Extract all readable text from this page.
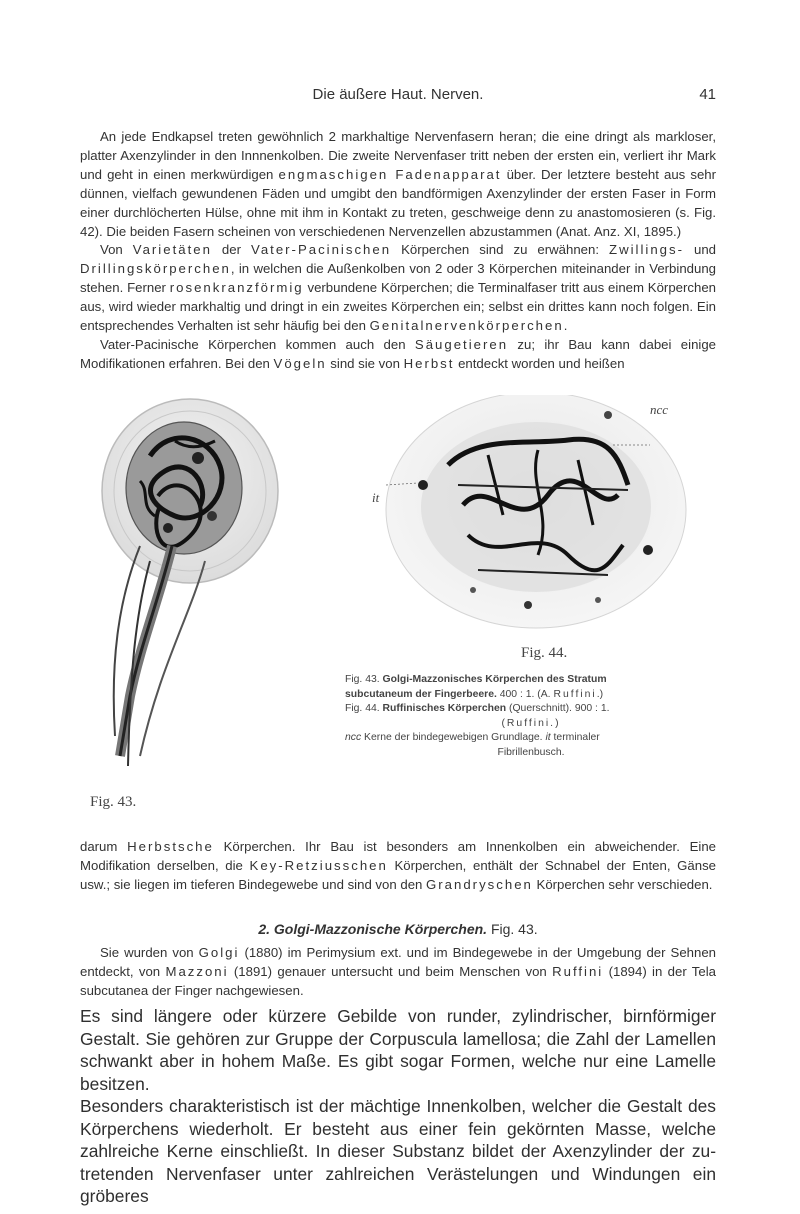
Die äußere Haut. Nerven.	41

An jede Endkapsel treten gewöhnlich 2 markhaltige Nervenfasern heran; die eine dringt als markloser, platter Axenzylinder in den Innnenkolben. Die zweite Nervenfaser tritt neben der ersten ein, verliert ihr Mark und geht in einen merkwürdigen engmaschigen Fadenapparat über. Der letztere besteht aus sehr dünnen, vielfach gewundenen Fäden und umgibt den bandförmigen Axenzylinder der ersten Faser in Form einer durchlöcherten Hülse, ohne mit ihm in Kontakt zu treten, geschweige denn zu anastomosieren (s. Fig. 42). Die beiden Fasern scheinen von verschiedenen Nervenzellen abzustammen (Anat. Anz. XI, 1895.)

Von Varietäten der Vater-Pacinischen Körperchen sind zu erwähnen: Zwillings- und Drillingskörperchen, in welchen die Außenkolben von 2 oder 3 Körperchen miteinander in Verbindung stehen. Ferner rosenkranzförmig verbundene Körperchen; die Terminalfaser tritt aus einem Körperchen aus, wird wieder markhaltig und dringt in ein zweites Körperchen ein; selbst ein drittes kann noch folgen. Ein entsprechendes Verhalten ist sehr häufig bei den Genitalnervenkörperchen.

Vater-Pacinische Körperchen kommen auch den Säugetieren zu; ihr Bau kann dabei einige Modifikationen erfahren. Bei den Vögeln sind sie von Herbst entdeckt worden und heißen

ncc
it
Fig. 43.
Fig. 44.
Fig. 43. Golgi-Mazzonisches Körperchen des Stratum
subcutaneum der Fingerbeere. 400 : 1. (A. Ruffini.)
Fig. 44. Ruffinisches Körperchen (Querschnitt). 900 : 1.
(Ruffini.)
ncc Kerne der bindegewebigen Grundlage. it terminaler
Fibrillenbusch.

darum Herbstsche Körperchen. Ihr Bau ist besonders am Innenkolben ein abweichender. Eine Modifikation derselben, die Key-Retziusschen Körperchen, enthält der Schnabel der Enten, Gänse usw.; sie liegen im tieferen Bindegewebe und sind von den Grandryschen Körperchen sehr verschieden.

2. Golgi-Mazzonische Körperchen. Fig. 43.

Sie wurden von Golgi (1880) im Perimysium ext. und im Bindegewebe in der Umgebung der Sehnen entdeckt, von Mazzoni (1891) genauer untersucht und beim Menschen von Ruffini (1894) in der Tela subcutanea der Finger nachgewiesen.

Es sind längere oder kürzere Gebilde von runder, zylindrischer, birnförmiger Gestalt. Sie gehören zur Gruppe der Corpuscula lamellosa; die Zahl der Lamellen schwankt aber in hohem Maße. Es gibt sogar Formen, welche nur eine Lamelle besitzen.

Besonders charakteristisch ist der mächtige Innenkolben, welcher die Gestalt des Körperchens wiederholt. Er besteht aus einer fein gekörnten Masse, welche zahlreiche Kerne einschließt. In dieser Substanz bildet der Axenzylinder der zu-tretenden Nervenfaser unter zahlreichen Verästelungen und Windungen ein gröberes
